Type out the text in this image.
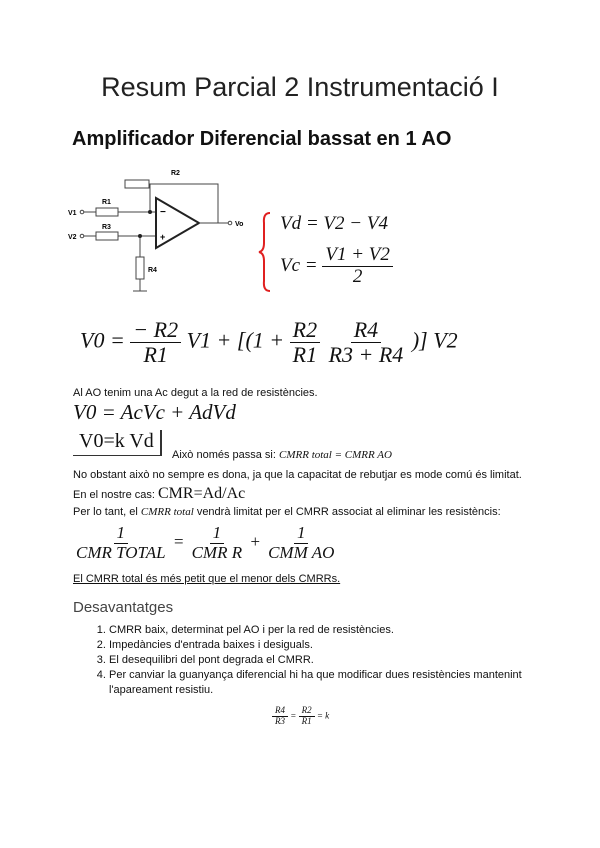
Resum Parcial 2 Instrumentació I
Amplificador Diferencial bassat en 1 AO
−
+
R2
R1
R3
R4
V1
V2
Vo Vd = V2 − V4
$Vc = \frac{V1 + V2}{2}$
$V0 = \frac{- R2}{R1} V1 + [(1 + \frac{R2}{R1}$
$\frac{R4}{R3 + R4}$ )] V2
Al AO tenim una Ac degut a la red de resistències.
V0 = AcVc + AdVd
V0=k Vd
Això només passa si: CMRR total = CMRR AO
No obstant això no sempre es dona, ja que la capacitat de rebutjar es mode comú és limitat.
En el nostre cas: CMR=Ad/Ac
Per lo tant, el CMRR total vendrà limitat per el CMRR associat al eliminar les resistèncis:
$\frac{1}{\text{CMR TOTAL}} = \frac{1}{\text{CMR R}} + \frac{1}{\text{CMM AO}}$
El CMRR total és més petit que el menor dels CMRRs.
Desavantatges
1. CMRR baix, determinat pel AO i per la red de resistències.
2. Impedàncies d'entrada baixes i desiguals.
3. El desequilibri del pont degrada el CMRR.
4. Per canviar la guanyança diferencial hi ha que modificar dues resistències mantenint l'apareament resistiu.
$\frac{R4}{R3} = \frac{R2}{R1} = k$
